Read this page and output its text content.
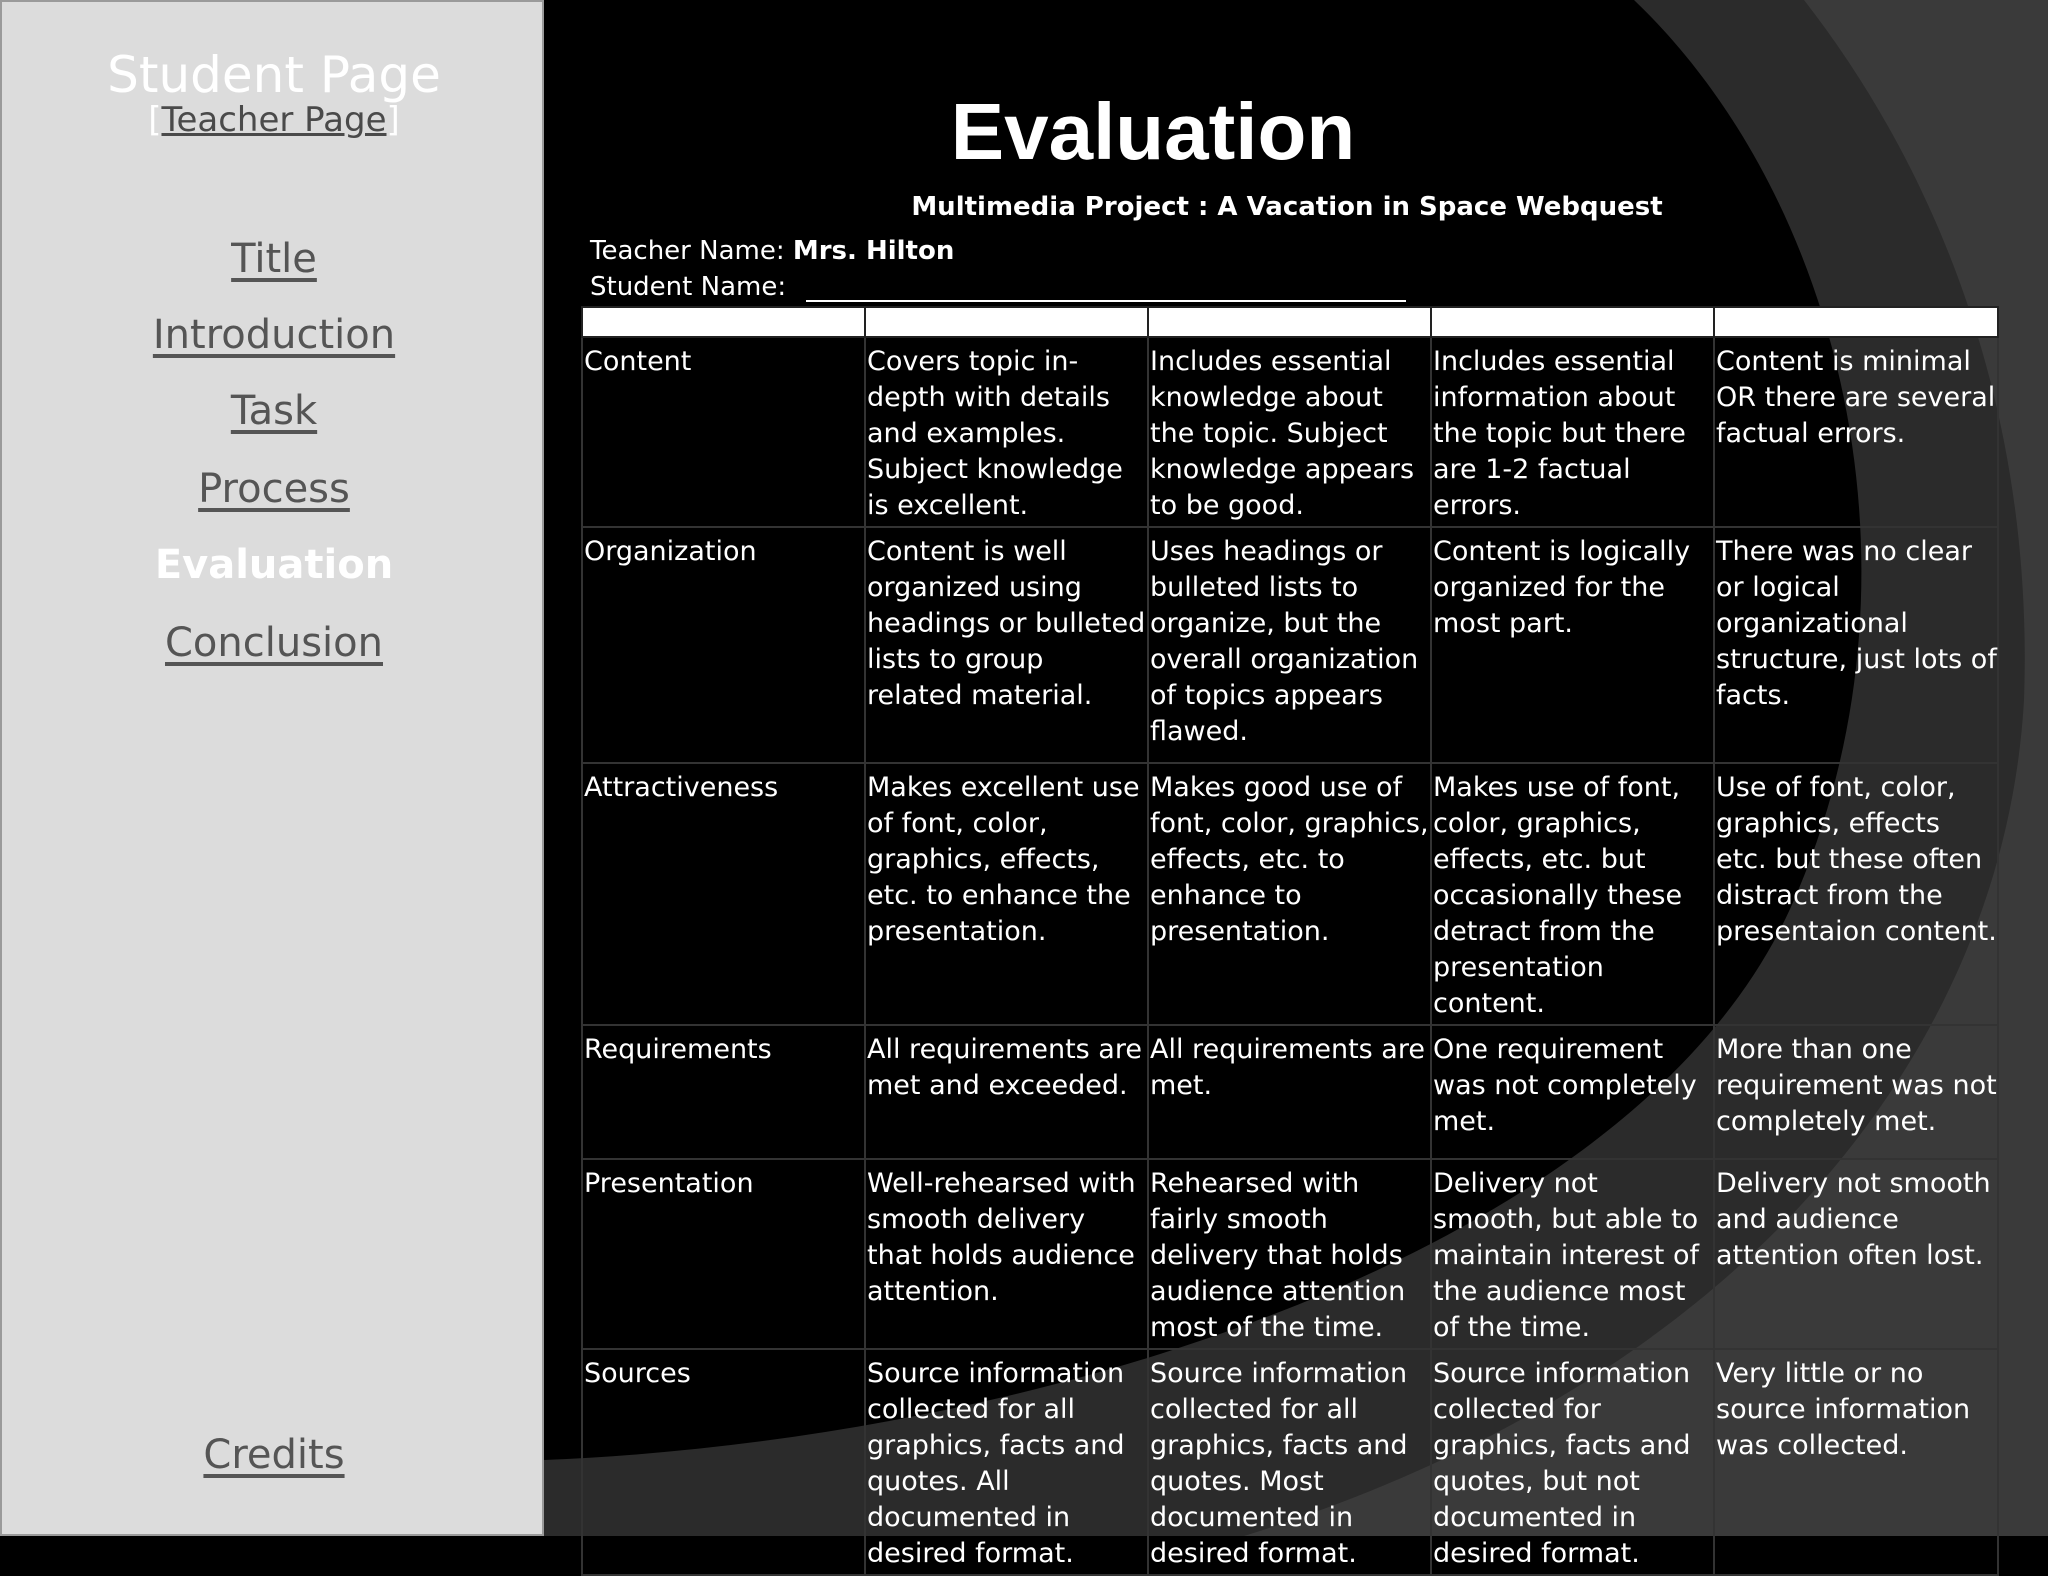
Student Page
[Teacher Page]
Title
Introduction
Task
Process
Evaluation
Conclusion
Credits
Evaluation
Multimedia Project : A Vacation in Space Webquest
Teacher Name: Mrs. Hilton
Student Name:

Content	Covers topic in-depth with details and examples. Subject knowledge is excellent.	Includes essential knowledge about the topic. Subject knowledge appears to be good.	Includes essential information about the topic but there are 1-2 factual errors.	Content is minimal OR there are several factual errors.
Organization	Content is well organized using headings or bulleted lists to group related material.	Uses headings or bulleted lists to organize, but the overall organization of topics appears flawed.	Content is logically organized for the most part.	There was no clear or logical organizational structure, just lots of facts.
Attractiveness	Makes excellent use of font, color, graphics, effects, etc. to enhance the presentation.	Makes good use of font, color, graphics, effects, etc. to enhance to presentation.	Makes use of font, color, graphics, effects, etc. but occasionally these detract from the presentation content.	Use of font, color, graphics, effects etc. but these often distract from the presentaion content.
Requirements	All requirements are met and exceeded.	All requirements are met.	One requirement was not completely met.	More than one requirement was not completely met.
Presentation	Well-rehearsed with smooth delivery that holds audience attention.	Rehearsed with fairly smooth delivery that holds audience attention most of the time.	Delivery not smooth, but able to maintain interest of the audience most of the time.	Delivery not smooth and audience attention often lost.
Sources	Source information collected for all graphics, facts and quotes. All documented in desired format.	Source information collected for all graphics, facts and quotes. Most documented in desired format.	Source information collected for graphics, facts and quotes, but not documented in desired format.	Very little or no source information was collected.
